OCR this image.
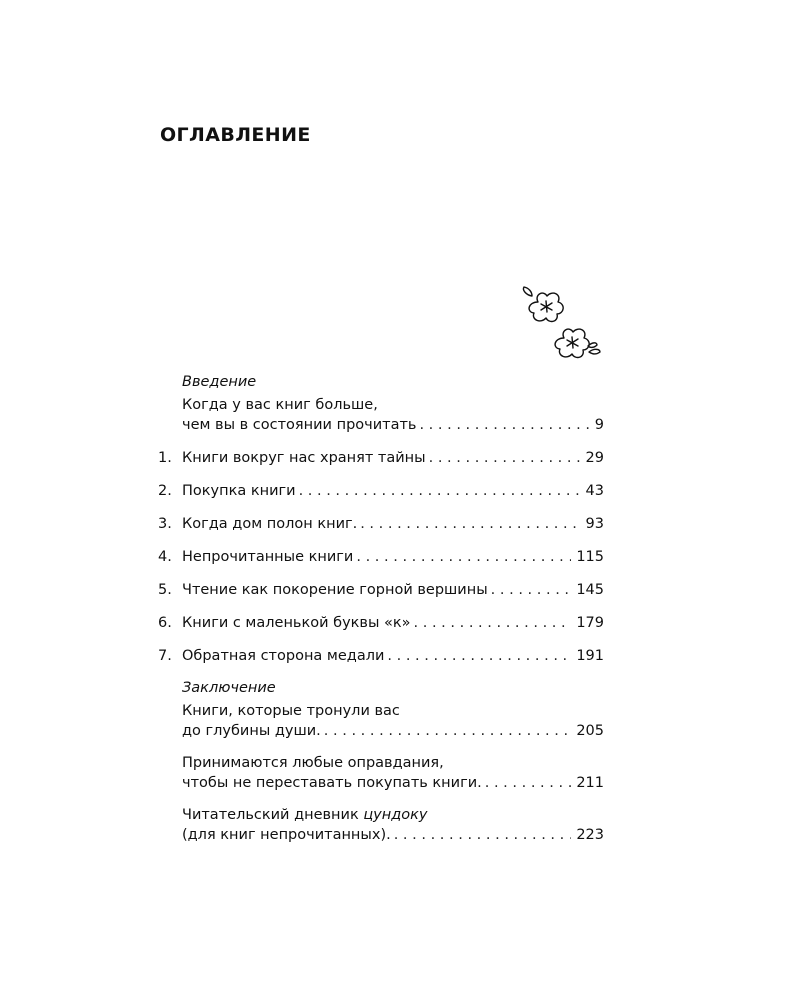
ОГЛАВЛЕНИЕ
Введение
Когда у вас книг больше,
чем вы в состоянии прочитать . . .	9
1. Книги вокруг нас хранят тайны . . .	29
2. Покупка книги . . .	43
3. Когда дом полон книг. . . .	93
4. Непрочитанные книги . . .	115
5. Чтение как покорение горной вершины . . .	145
6. Книги с маленькой буквы «к» . . .	179
7. Обратная сторона медали . . .	191
Заключение
Книги, которые тронули вас
до глубины души. . . .	205
Принимаются любые оправдания,
чтобы не переставать покупать книги. . . .	211
Читательский дневник цундоку
(для книг непрочитанных). . . .	223
